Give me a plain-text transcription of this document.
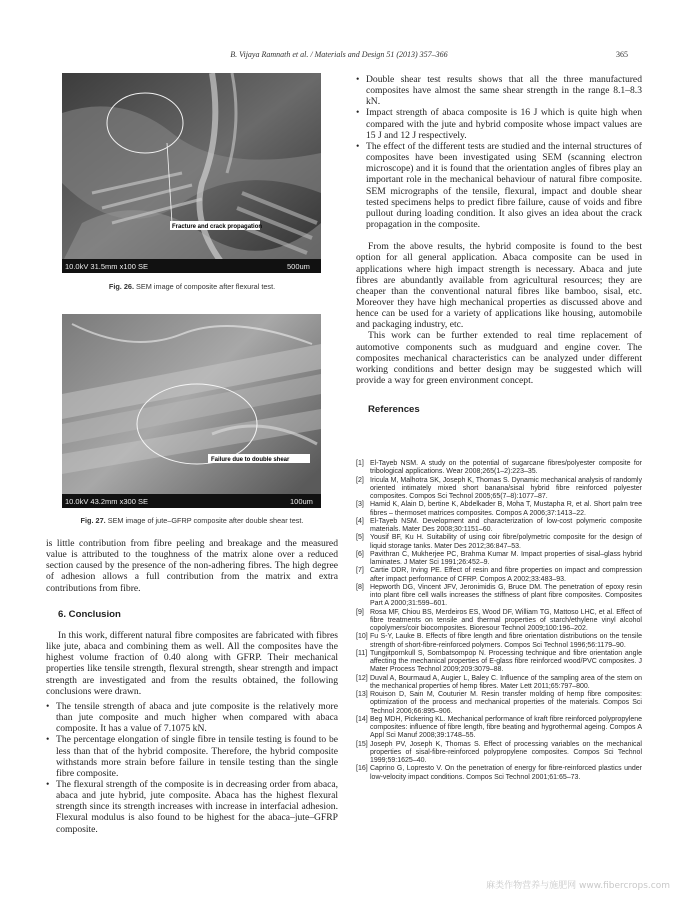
B. Vijaya Ramnath et al. / Materials and Design 51 (2013) 357–366	365
Fracture and crack propagation
10.0kV 31.5mm x100 SE	500um
Fig. 26. SEM image of composite after flexural test.
Failure due to double shear
10.0kV 43.2mm x300 SE	100um
Fig. 27. SEM image of jute–GFRP composite after double shear test.

is little contribution from fibre peeling and breakage and the measured value is attributed to the toughness of the matrix alone over a reduced section caused by the presence of the non-adhering fibres. The high degree of adhesion allows a full contribution from the matrix and extra contributions from fibre.

6. Conclusion

In this work, different natural fibre composites are fabricated with fibres like jute, abaca and combining them as well. All the composites have the highest volume fraction of 0.40 along with GFRP. Their mechanical properties like tensile strength, flexural strength, shear strength and impact strength are investigated and from the results obtained, the following conclusions were drawn.

• The tensile strength of abaca and jute composite is the relatively more than jute composite and much higher when compared with abaca composite. It has a value of 7.1075 kN.
• The percentage elongation of single fibre in tensile testing is found to be less than that of the hybrid composite. Therefore, the hybrid composite withstands more strain before failure in tensile testing than the single fibre composite.
• The flexural strength of the composite is in decreasing order from abaca, abaca and jute hybrid, jute composite. Abaca has the highest flexural strength since its strength increases with increase in interfacial adhesion. Flexural modulus is also found to be highest for the abaca–jute–GFRP composite.
• Double shear test results shows that all the three manufactured composites have almost the same shear strength in the range 8.1–8.3 kN.
• Impact strength of abaca composite is 16 J which is quite high when compared with the jute and hybrid composite whose impact values are 15 J and 12 J respectively.
• The effect of the different tests are studied and the internal structures of composites have been investigated using SEM (scanning electron microscope) and it is found that the orientation angles of fibres play an important role in the mechanical behaviour of natural fibre composite. SEM micrographs of the tensile, flexural, impact and double shear tested specimens helps to predict fibre failure, cause of voids and fibre pullout during loading condition. It also gives an idea about the crack propagation in the composite.

From the above results, the hybrid composite is found to the best option for all general application. Abaca composite can be used in applications where high impact strength is necessary. Abaca and jute fibres are abundantly available from agricultural resources; they are cheaper than the conventional natural fibres like bamboo, sisal, etc. Moreover they have high mechanical properties as discussed above and hence can be used for a variety of applications like housing, automobile and packaging industry, etc.

This work can be further extended to real time replacement of automotive components such as mudguard and engine cover. The composites mechanical characteristics can be analyzed under different working conditions and better design may be suggested which will provide a way for green environment concept.

References

[1] El-Tayeb NSM. A study on the potential of sugarcane fibres/polyester composite for tribological applications. Wear 2008;265(1–2):223–35.
[2] Iricula M, Malhotra SK, Joseph K, Thomas S. Dynamic mechanical analysis of randomly oriented intimately mixed short banana/sisal hybrid fibre reinforced polyester composites. Compos Sci Technol 2005;65(7–8):1077–87.
[3] Hamid K, Alain D, bertine K, Abdelkader B, Moha T, Mustapha R, et al. Short palm tree fibres – thermoset matrices composites. Compos A 2006;37:1413–22.
[4] El-Tayeb NSM. Development and characterization of low-cost polymeric composite materials. Mater Des 2008;30:1151–60.
[5] Yousif BF, Ku H. Suitability of using coir fibre/polymetric composite for the design of liquid storage tanks. Mater Des 2012;36:847–53.
[6] Pavithran C, Mukherjee PC, Brahma Kumar M. Impact properties of sisal–glass hybrid laminates. J Mater Sci 1991;26:452–9.
[7] Cartie DDR, Irving PE. Effect of resin and fibre properties on impact and compression after impact performance of CFRP. Compos A 2002;33:483–93.
[8] Hepworth DG, Vincent JFV, Jeronimidis G, Bruce DM. The penetration of epoxy resin into plant fibre cell walls increases the stiffness of plant fibre composites. Composites Part A 2000;31:599–601.
[9] Rosa MF, Chiou BS, Merdeiros ES, Wood DF, William TG, Mattoso LHC, et al. Effect of fibre treatments on tensile and thermal properties of starch/ethylene vinyl alcohol copolymers/coir biocomposites. Bioresour Technol 2009;100:196–202.
[10] Fu S-Y, Lauke B. Effects of fibre length and fibre orientation distributions on the tensile strength of short-fibre-reinforced polymers. Compos Sci Technol 1996;56:1179–90.
[11] Tungjitpornkull S, Sombatsompop N. Processing technique and fibre orientation angle affecting the mechanical properties of E-glass fibre reinforced wood/PVC composites. J Mater Process Technol 2009;209:3079–88.
[12] Duval A, Bourmaud A, Augier L, Baley C. Influence of the sampling area of the stem on the mechanical properties of hemp fibres. Mater Lett 2011;65:797–800.
[13] Rouison D, Sain M, Couturier M. Resin transfer molding of hemp fibre composites: optimization of the process and mechanical properties of the materials. Compos Sci Technol 2006;66:895–906.
[14] Beg MDH, Pickering KL. Mechanical performance of kraft fibre reinforced polypropylene composites: influence of fibre length, fibre beating and hygrothermal ageing. Compos A Appl Sci Manuf 2008;39:1748–55.
[15] Joseph PV, Joseph K, Thomas S. Effect of processing variables on the mechanical properties of sisal-fibre-reinforced polypropylene composites. Compos Sci Technol 1999;59:1625–40.
[16] Caprino G, Lopresto V. On the penetration of energy for fibre-reinforced plastics under low-velocity impact conditions. Compos Sci Technol 2001;61:65–73.
麻类作物营养与施肥网 www.fibercrops.com
